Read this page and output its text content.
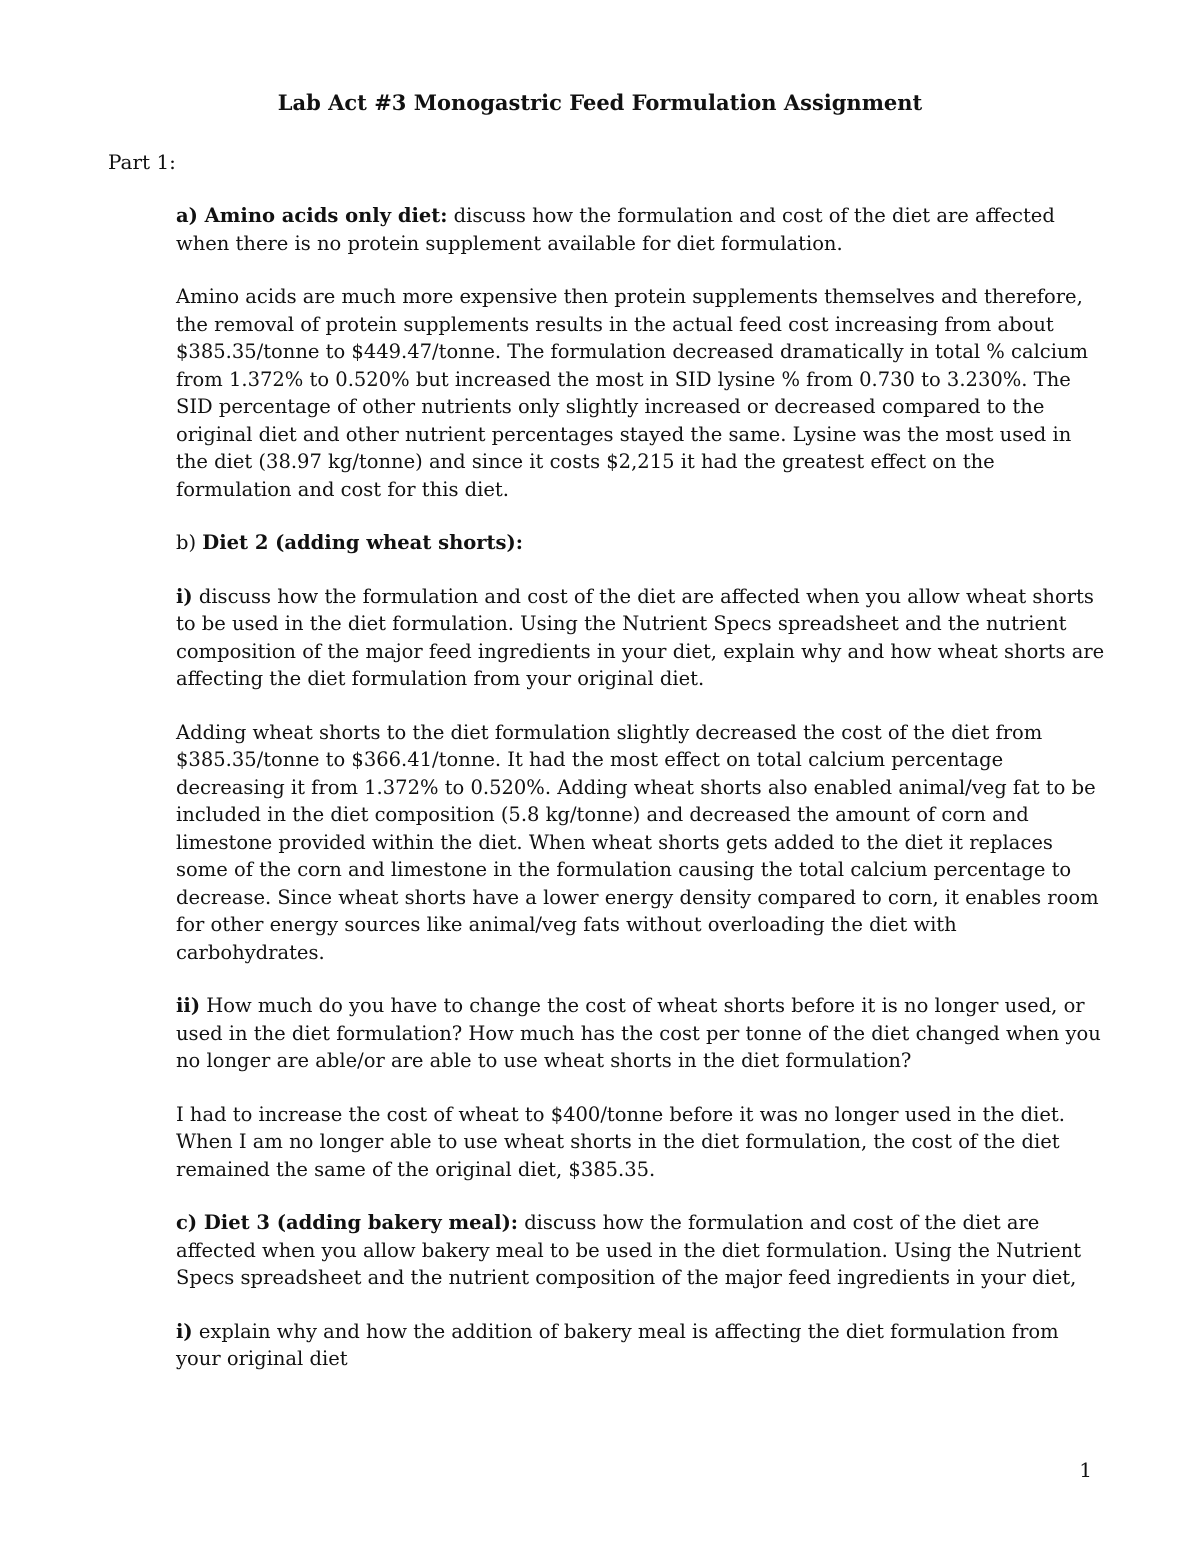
Lab Act #3 Monogastric Feed Formulation Assignment
Part 1:

a) Amino acids only diet: discuss how the formulation and cost of the diet are affected when there is no protein supplement available for diet formulation.

Amino acids are much more expensive then protein supplements themselves and therefore, the removal of protein supplements results in the actual feed cost increasing from about $385.35/tonne to $449.47/tonne. The formulation decreased dramatically in total % calcium from 1.372% to 0.520% but increased the most in SID lysine % from 0.730 to 3.230%. The SID percentage of other nutrients only slightly increased or decreased compared to the original diet and other nutrient percentages stayed the same. Lysine was the most used in the diet (38.97 kg/tonne) and since it costs $2,215 it had the greatest effect on the formulation and cost for this diet.

b) Diet 2 (adding wheat shorts):

i) discuss how the formulation and cost of the diet are affected when you allow wheat shorts to be used in the diet formulation. Using the Nutrient Specs spreadsheet and the nutrient composition of the major feed ingredients in your diet, explain why and how wheat shorts are affecting the diet formulation from your original diet.

Adding wheat shorts to the diet formulation slightly decreased the cost of the diet from $385.35/tonne to $366.41/tonne. It had the most effect on total calcium percentage decreasing it from 1.372% to 0.520%. Adding wheat shorts also enabled animal/veg fat to be included in the diet composition (5.8 kg/tonne) and decreased the amount of corn and limestone provided within the diet. When wheat shorts gets added to the diet it replaces some of the corn and limestone in the formulation causing the total calcium percentage to decrease. Since wheat shorts have a lower energy density compared to corn, it enables room for other energy sources like animal/veg fats without overloading the diet with carbohydrates.

ii) How much do you have to change the cost of wheat shorts before it is no longer used, or used in the diet formulation? How much has the cost per tonne of the diet changed when you no longer are able/or are able to use wheat shorts in the diet formulation?

I had to increase the cost of wheat to $400/tonne before it was no longer used in the diet. When I am no longer able to use wheat shorts in the diet formulation, the cost of the diet remained the same of the original diet, $385.35.

c) Diet 3 (adding bakery meal): discuss how the formulation and cost of the diet are affected when you allow bakery meal to be used in the diet formulation. Using the Nutrient Specs spreadsheet and the nutrient composition of the major feed ingredients in your diet,

i) explain why and how the addition of bakery meal is affecting the diet formulation from your original diet

1
